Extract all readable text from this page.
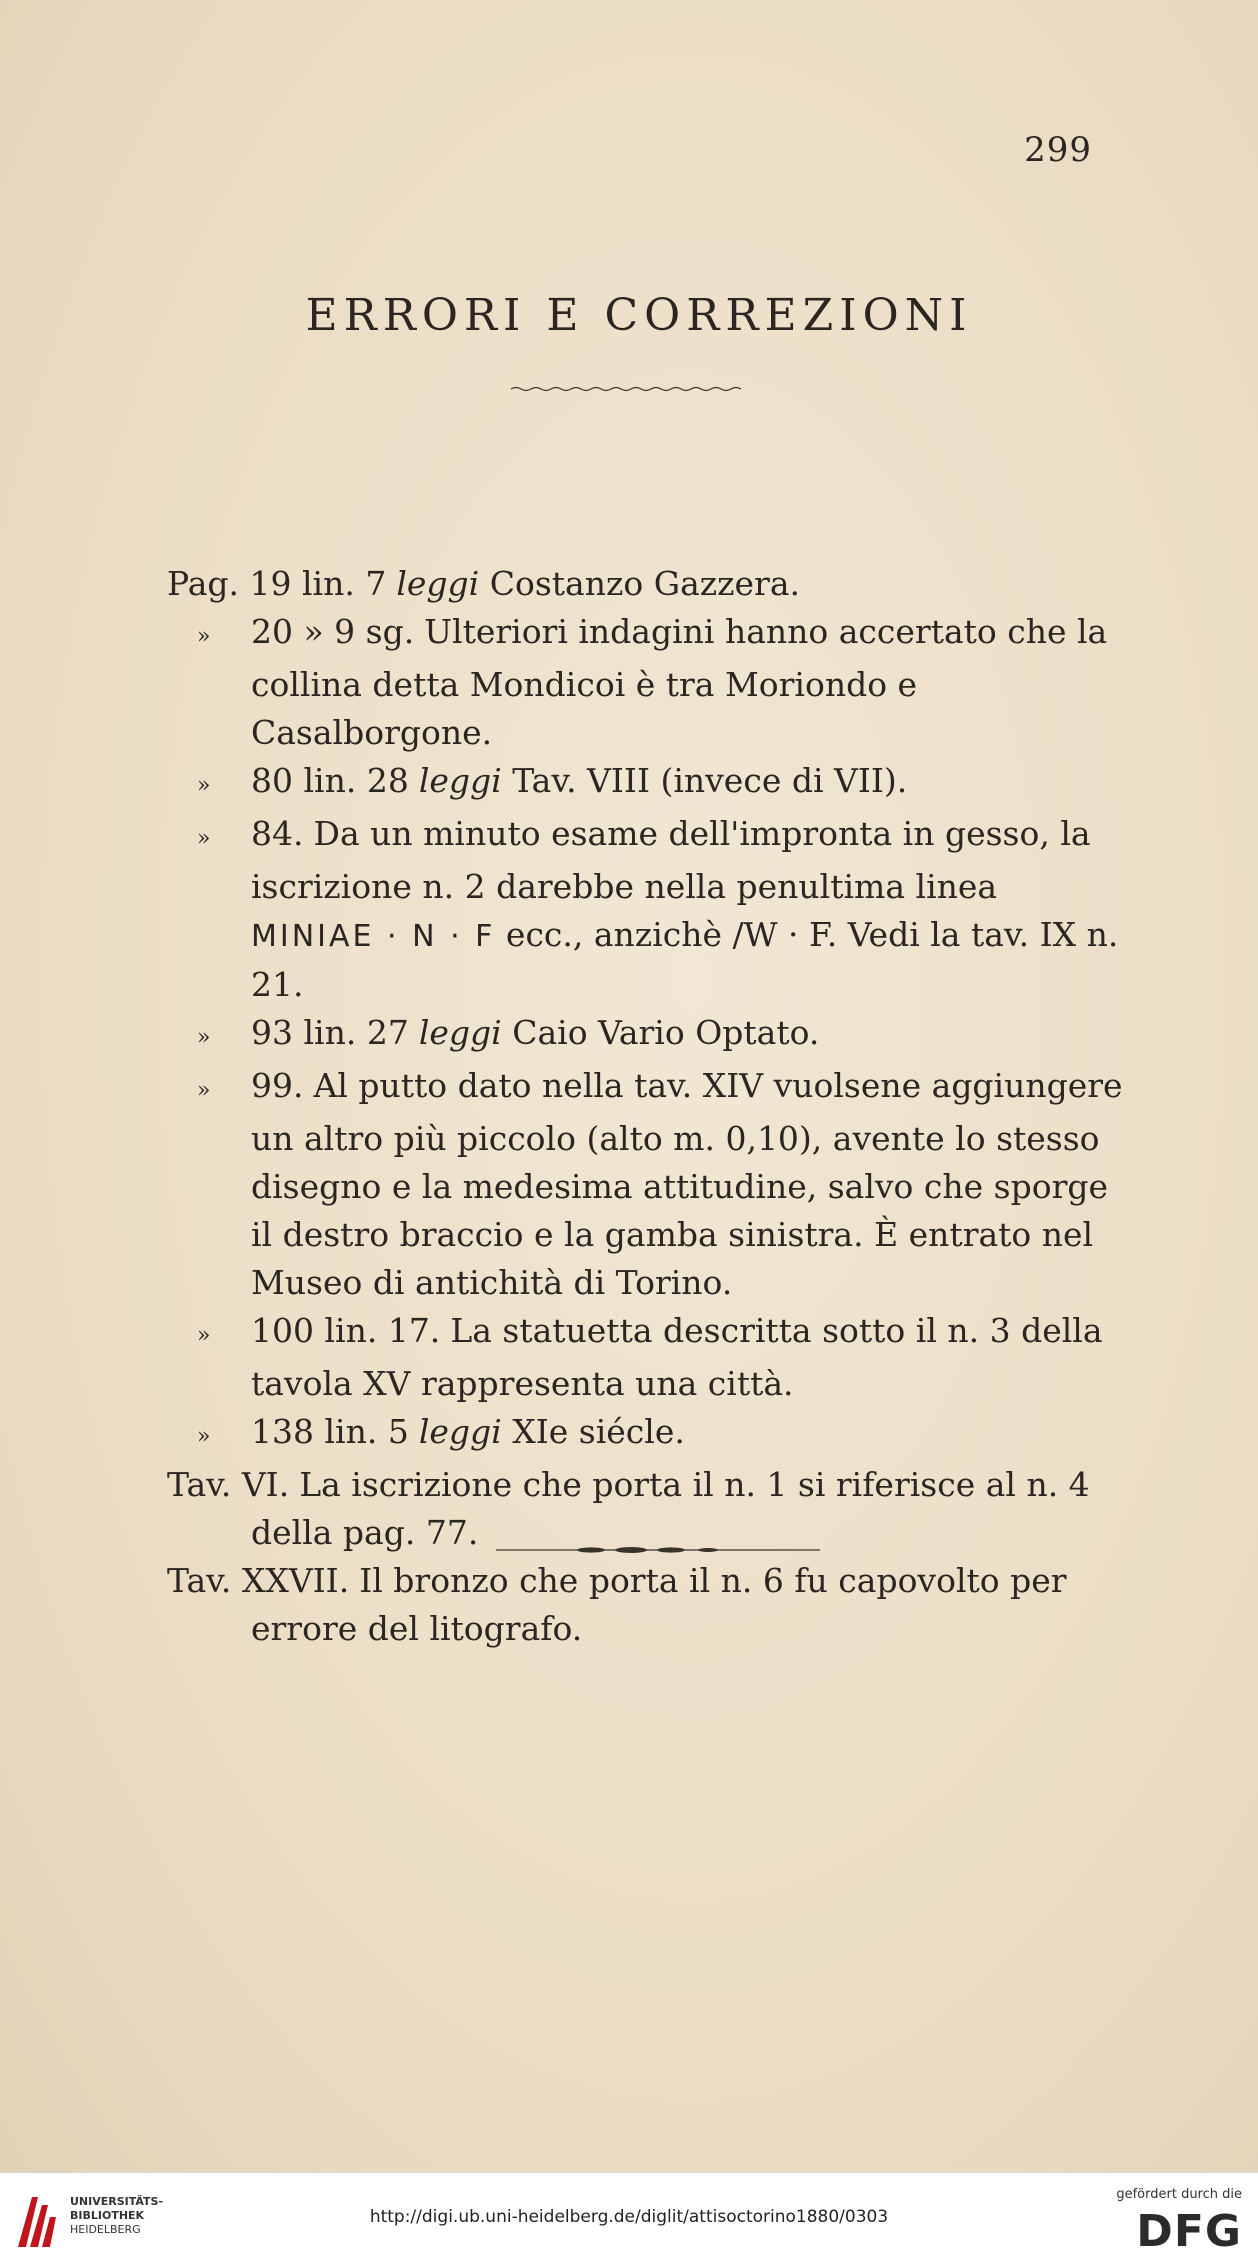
299
ERRORI E CORREZIONI
Pag. 19 lin. 7 leggi Costanzo Gazzera.
» 20 » 9 sg. Ulteriori indagini hanno accertato che la collina detta Mondicoi è tra Moriondo e Casalborgone.
» 80 lin. 28 leggi Tav. VIII (invece di VII).
» 84. Da un minuto esame dell'impronta in gesso, la iscrizione n. 2 darebbe nella penultima linea MINIAE · N · F ecc., anzichè /W · F. Vedi la tav. IX n. 21.
» 93 lin. 27 leggi Caio Vario Optato.
» 99. Al putto dato nella tav. XIV vuolsene aggiungere un altro più piccolo (alto m. 0,10), avente lo stesso disegno e la medesima attitudine, salvo che sporge il destro braccio e la gamba sinistra. È entrato nel Museo di antichità di Torino.
» 100 lin. 17. La statuetta descritta sotto il n. 3 della tavola XV rappresenta una città.
» 138 lin. 5 leggi XIe siécle.
Tav. VI. La iscrizione che porta il n. 1 si riferisce al n. 4 della pag. 77.
Tav. XXVII. Il bronzo che porta il n. 6 fu capovolto per errore del litografo.
UNIVERSITÄTS-
BIBLIOTHEK
HEIDELBERG
http://digi.ub.uni-heidelberg.de/diglit/attisoctorino1880/0303
gefördert durch die
DFG
